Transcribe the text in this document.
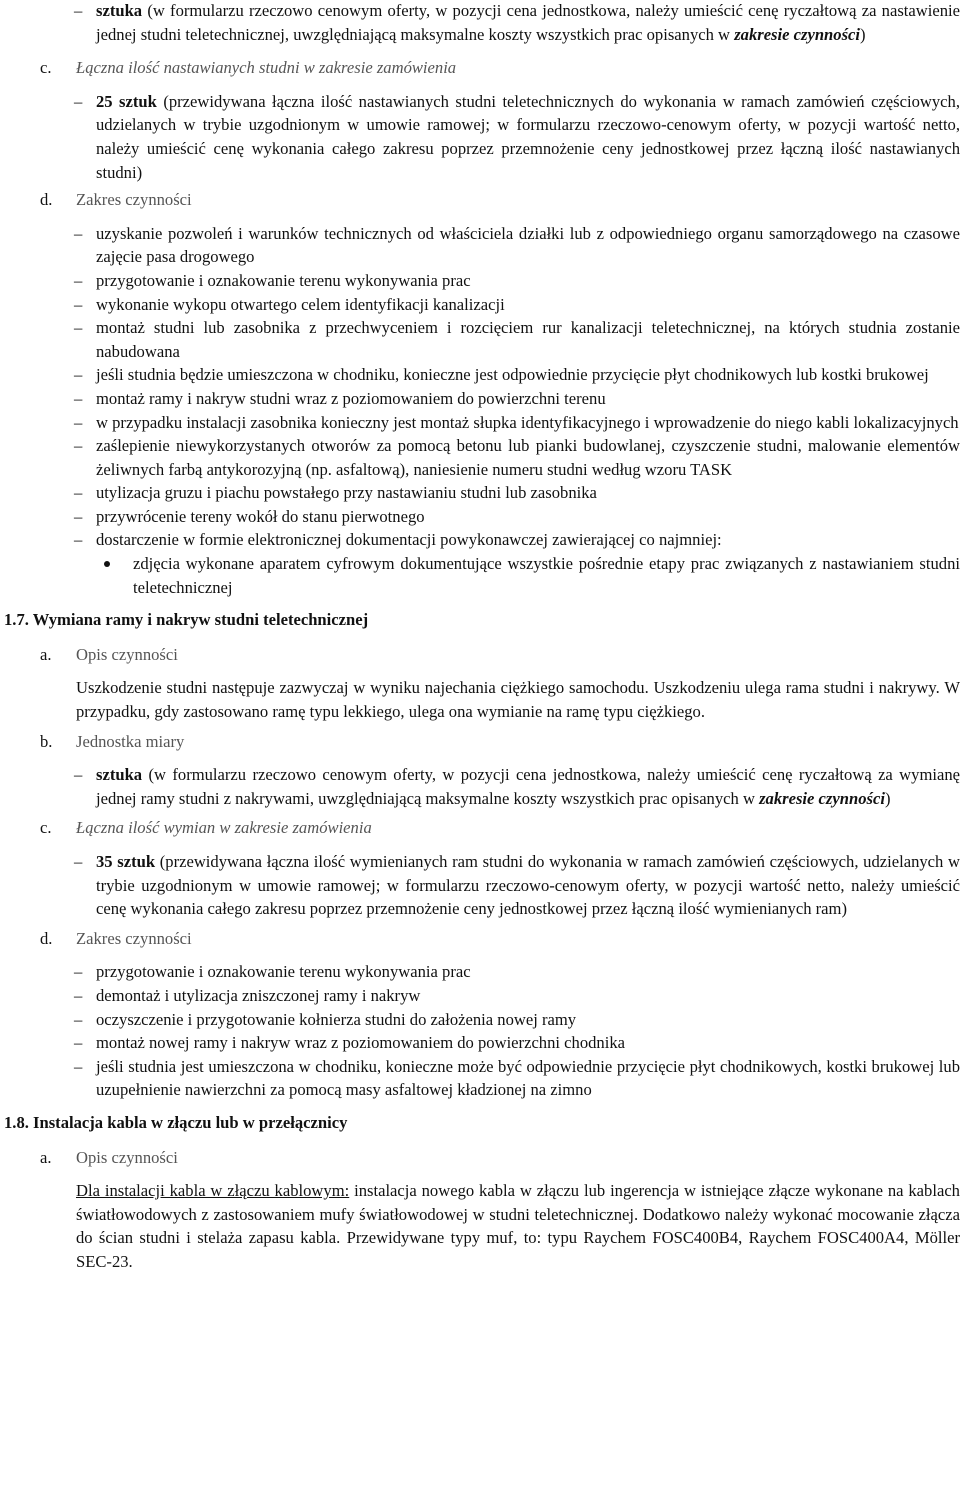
– sztuka (w formularzu rzeczowo cenowym oferty, w pozycji cena jednostkowa, należy umieścić cenę ryczałtową za nastawienie jednej studni teletechnicznej, uwzględniającą maksymalne koszty wszystkich prac opisanych w zakresie czynności)
c. Łączna ilość nastawianych studni w zakresie zamówienia
– 25 sztuk (przewidywana łączna ilość nastawianych studni teletechnicznych do wykonania w ramach zamówień częściowych, udzielanych w trybie uzgodnionym w umowie ramowej; w formularzu rzeczowo-cenowym oferty, w pozycji wartość netto, należy umieścić cenę wykonania całego zakresu poprzez przemnożenie ceny jednostkowej przez łączną ilość nastawianych studni)
d. Zakres czynności
– uzyskanie pozwoleń i warunków technicznych od właściciela działki lub z odpowiedniego organu samorządowego na czasowe zajęcie pasa drogowego
– przygotowanie i oznakowanie terenu wykonywania prac
– wykonanie wykopu otwartego celem identyfikacji kanalizacji
– montaż studni lub zasobnika z przechwyceniem i rozcięciem rur kanalizacji teletechnicznej, na których studnia zostanie nabudowana
– jeśli studnia będzie umieszczona w chodniku, konieczne jest odpowiednie przycięcie płyt chodnikowych lub kostki brukowej
– montaż ramy i nakryw studni wraz z poziomowaniem do powierzchni terenu
– w przypadku instalacji zasobnika konieczny jest montaż słupka identyfikacyjnego i wprowadzenie do niego kabli lokalizacyjnych
– zaślepienie niewykorzystanych otworów za pomocą betonu lub pianki budowlanej, czyszczenie studni, malowanie elementów żeliwnych farbą antykorozyjną (np. asfaltową), naniesienie numeru studni według wzoru TASK
– utylizacja gruzu i piachu powstałego przy nastawianiu studni lub zasobnika
– przywrócenie tereny wokół do stanu pierwotnego
– dostarczenie w formie elektronicznej dokumentacji powykonawczej zawierającej co najmniej:
zdjęcia wykonane aparatem cyfrowym dokumentujące wszystkie pośrednie etapy prac związanych z nastawianiem studni teletechnicznej
1.7. Wymiana ramy i nakryw studni teletechnicznej
a. Opis czynności
Uszkodzenie studni następuje zazwyczaj w wyniku najechania ciężkiego samochodu. Uszkodzeniu ulega rama studni i nakrywy. W przypadku, gdy zastosowano ramę typu lekkiego, ulega ona wymianie na ramę typu ciężkiego.
b. Jednostka miary
– sztuka (w formularzu rzeczowo cenowym oferty, w pozycji cena jednostkowa, należy umieścić cenę ryczałtową za wymianę jednej ramy studni z nakrywami, uwzględniającą maksymalne koszty wszystkich prac opisanych w zakresie czynności)
c. Łączna ilość wymian w zakresie zamówienia
– 35 sztuk (przewidywana łączna ilość wymienianych ram studni do wykonania w ramach zamówień częściowych, udzielanych w trybie uzgodnionym w umowie ramowej; w formularzu rzeczowo-cenowym oferty, w pozycji wartość netto, należy umieścić cenę wykonania całego zakresu poprzez przemnożenie ceny jednostkowej przez łączną ilość wymienianych ram)
d. Zakres czynności
– przygotowanie i oznakowanie terenu wykonywania prac
– demontaż i utylizacja zniszczonej ramy i nakryw
– oczyszczenie i przygotowanie kołnierza studni do założenia nowej ramy
– montaż nowej ramy i nakryw wraz z poziomowaniem do powierzchni chodnika
– jeśli studnia jest umieszczona w chodniku, konieczne może być odpowiednie przycięcie płyt chodnikowych, kostki brukowej lub uzupełnienie nawierzchni za pomocą masy asfaltowej kładzionej na zimno
1.8. Instalacja kabla w złączu lub w przełącznicy
a. Opis czynności
Dla instalacji kabla w złączu kablowym: instalacja nowego kabla w złączu lub ingerencja w istniejące złącze wykonane na kablach światłowodowych z zastosowaniem mufy światłowodowej w studni teletechnicznej. Dodatkowo należy wykonać mocowanie złącza do ścian studni i stelaża zapasu kabla. Przewidywane typy muf, to: typu Raychem FOSC400B4, Raychem FOSC400A4, Möller SEC-23.
